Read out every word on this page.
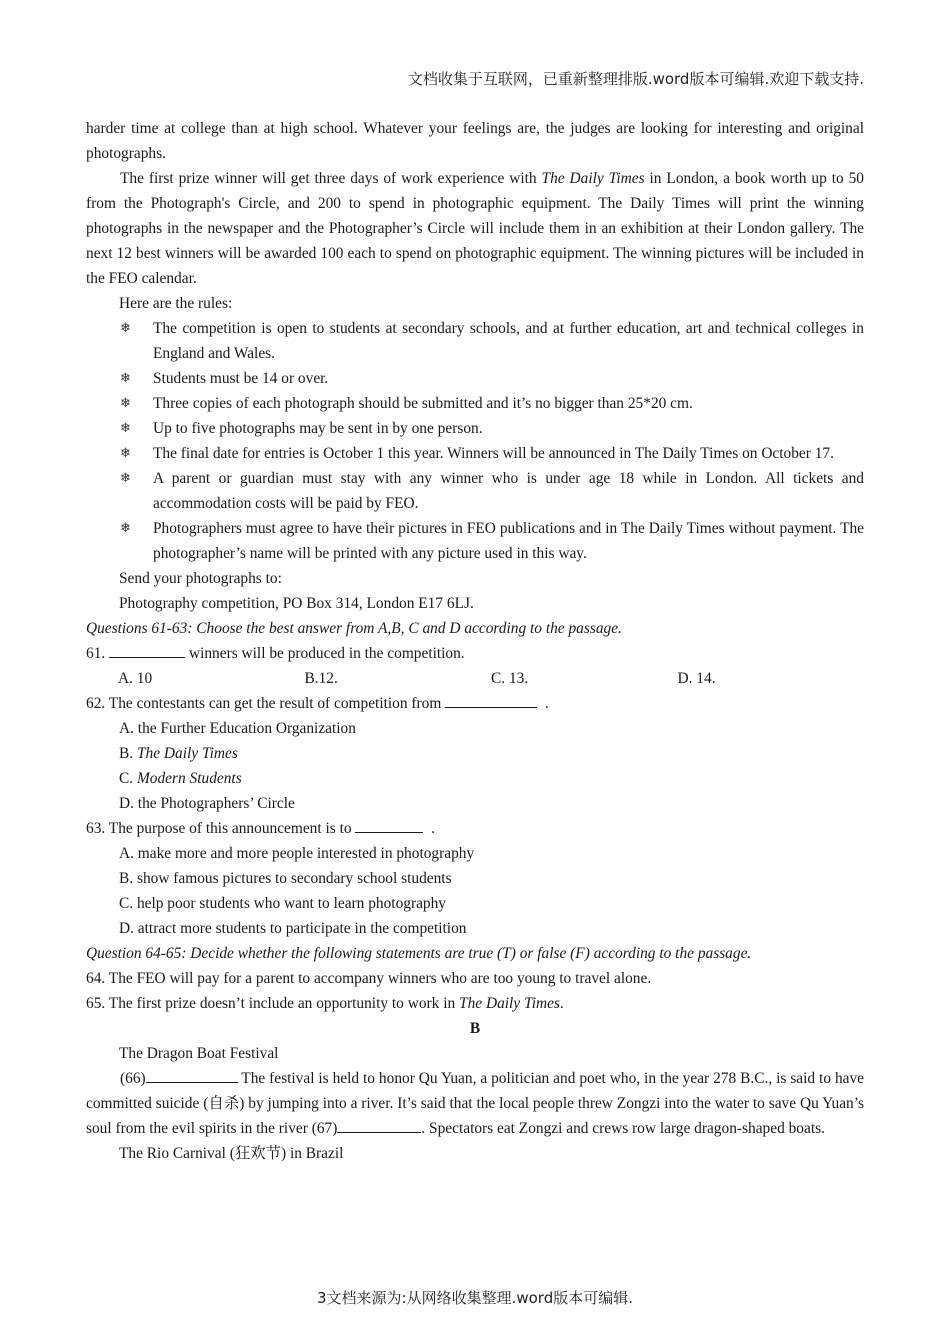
文档收集于互联网，已重新整理排版.word版本可编辑.欢迎下载支持.

harder time at college than at high school. Whatever your feelings are, the judges are looking for interesting and original photographs.

The first prize winner will get three days of work experience with The Daily Times in London, a book worth up to 50 from the Photograph's Circle, and 200 to spend in photographic equipment. The Daily Times will print the winning photographs in the newspaper and the Photographer’s Circle will include them in an exhibition at their London gallery. The next 12 best winners will be awarded 100 each to spend on photographic equipment. The winning pictures will be included in the FEO calendar.

Here are the rules:

❄ The competition is open to students at secondary schools, and at further education, art and technical colleges in England and Wales.
❄ Students must be 14 or over.
❄ Three copies of each photograph should be submitted and it’s no bigger than 25*20 cm.
❄ Up to five photographs may be sent in by one person.
❄ The final date for entries is October 1 this year. Winners will be announced in The Daily Times on October 17.
❄ A parent or guardian must stay with any winner who is under age 18 while in London. All tickets and accommodation costs will be paid by FEO.
❄ Photographers must agree to have their pictures in FEO publications and in The Daily Times without payment. The photographer’s name will be printed with any picture used in this way.

Send your photographs to:

Photography competition, PO Box 314, London E17 6LJ.

Questions 61-63: Choose the best answer from A,B, C and D according to the passage.

61.	winners will be produced in the competition.

A. 10	B.12.	C. 13.	D. 14.

62. The contestants can get the result of competition from	.

A. the Further Education Organization

B. The Daily Times

C. Modern Students

D. the Photographers’ Circle

63. The purpose of this announcement is to	.

A. make more and more people interested in photography

B. show famous pictures to secondary school students

C. help poor students who want to learn photography

D. attract more students to participate in the competition

Question 64-65: Decide whether the following statements are true (T) or false (F) according to the passage.

64. The FEO will pay for a parent to accompany winners who are too young to travel alone.

65. The first prize doesn’t include an opportunity to work in The Daily Times.

B

The Dragon Boat Festival

(66)	The festival is held to honor Qu Yuan, a politician and poet who, in the year 278 B.C., is said to have committed suicide (自杀) by jumping into a river. It’s said that the local people threw Zongzi into the water to save Qu Yuan’s soul from the evil spirits in the river (67)	. Spectators eat Zongzi and crews row large dragon-shaped boats.

The Rio Carnival (狂欢节) in Brazil

3文档来源为:从网络收集整理.word版本可编辑.
